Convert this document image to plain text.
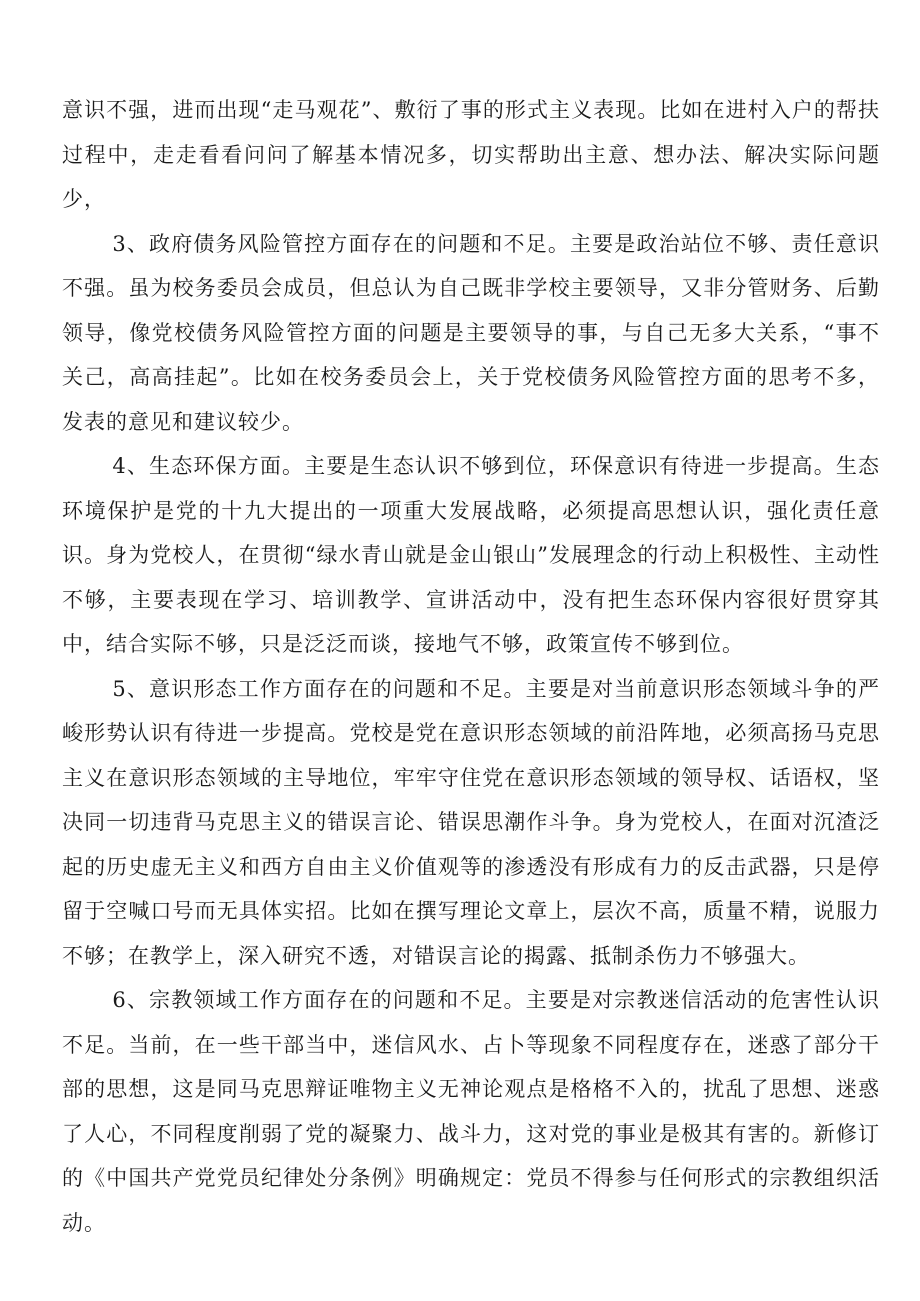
意识不强，进而出现“走马观花”、敷衍了事的形式主义表现。比如在进村入户的帮扶过程中，走走看看问问了解基本情况多，切实帮助出主意、想办法、解决实际问题少，

3、政府债务风险管控方面存在的问题和不足。主要是政治站位不够、责任意识不强。虽为校务委员会成员，但总认为自己既非学校主要领导，又非分管财务、后勤领导，像党校债务风险管控方面的问题是主要领导的事，与自己无多大关系，“事不关己，高高挂起”。比如在校务委员会上，关于党校债务风险管控方面的思考不多，发表的意见和建议较少。

4、生态环保方面。主要是生态认识不够到位，环保意识有待进一步提高。生态环境保护是党的十九大提出的一项重大发展战略，必须提高思想认识，强化责任意识。身为党校人，在贯彻“绿水青山就是金山银山”发展理念的行动上积极性、主动性不够，主要表现在学习、培训教学、宣讲活动中，没有把生态环保内容很好贯穿其中，结合实际不够，只是泛泛而谈，接地气不够，政策宣传不够到位。

5、意识形态工作方面存在的问题和不足。主要是对当前意识形态领域斗争的严峻形势认识有待进一步提高。党校是党在意识形态领域的前沿阵地，必须高扬马克思主义在意识形态领域的主导地位，牢牢守住党在意识形态领域的领导权、话语权，坚决同一切违背马克思主义的错误言论、错误思潮作斗争。身为党校人，在面对沉渣泛起的历史虚无主义和西方自由主义价值观等的渗透没有形成有力的反击武器，只是停留于空喊口号而无具体实招。比如在撰写理论文章上，层次不高，质量不精，说服力不够；在教学上，深入研究不透，对错误言论的揭露、抵制杀伤力不够强大。

6、宗教领域工作方面存在的问题和不足。主要是对宗教迷信活动的危害性认识不足。当前，在一些干部当中，迷信风水、占卜等现象不同程度存在，迷惑了部分干部的思想，这是同马克思辩证唯物主义无神论观点是格格不入的，扰乱了思想、迷惑了人心，不同程度削弱了党的凝聚力、战斗力，这对党的事业是极其有害的。新修订的《中国共产党党员纪律处分条例》明确规定：党员不得参与任何形式的宗教组织活动。
